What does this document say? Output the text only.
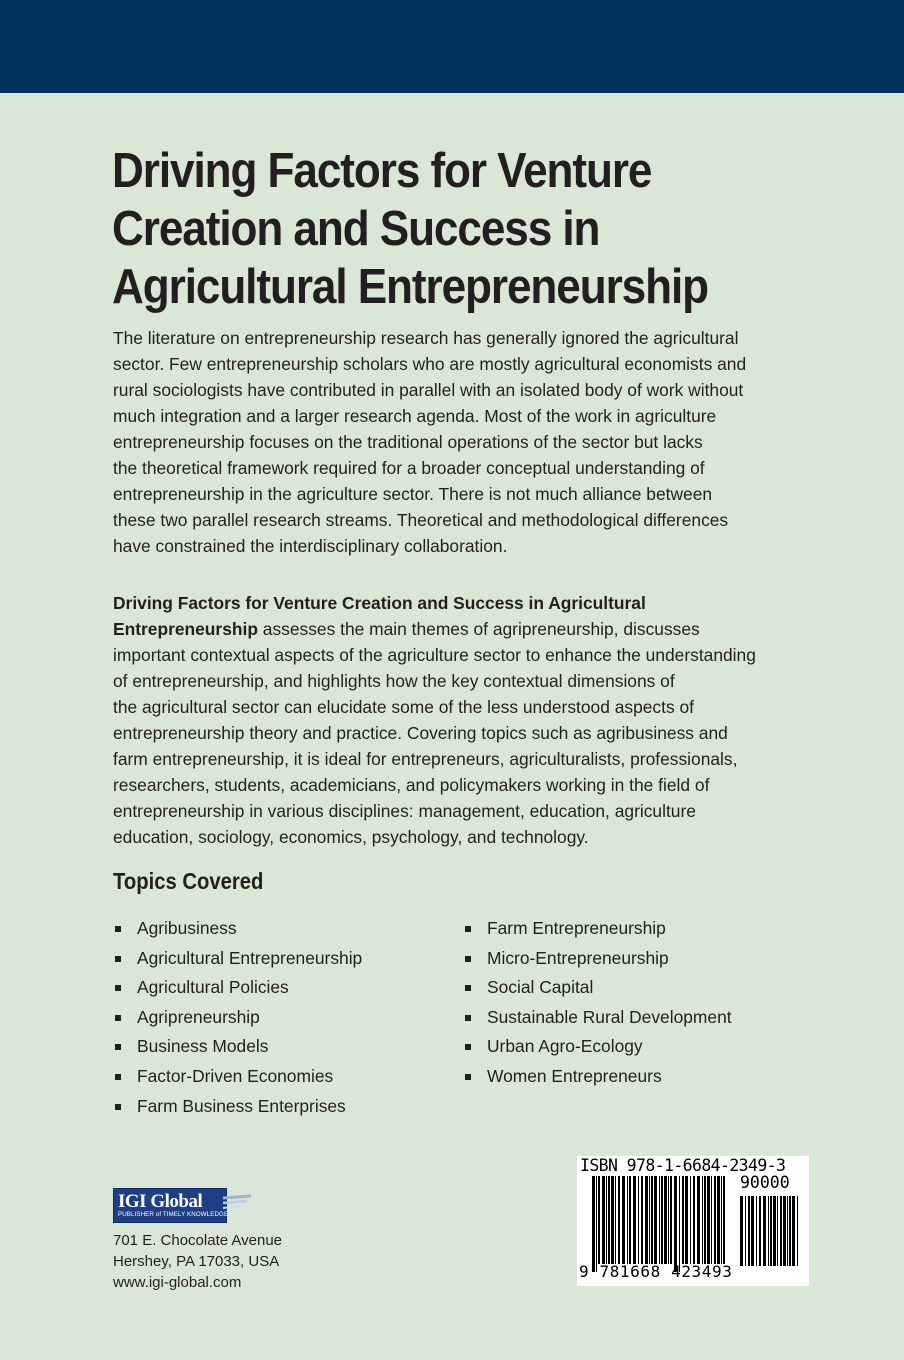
Driving Factors for Venture
Creation and Success in
Agricultural Entrepreneurship

The literature on entrepreneurship research has generally ignored the agricultural
sector. Few entrepreneurship scholars who are mostly agricultural economists and
rural sociologists have contributed in parallel with an isolated body of work without
much integration and a larger research agenda. Most of the work in agriculture
entrepreneurship focuses on the traditional operations of the sector but lacks
the theoretical framework required for a broader conceptual understanding of
entrepreneurship in the agriculture sector. There is not much alliance between
these two parallel research streams. Theoretical and methodological differences
have constrained the interdisciplinary collaboration.

Driving Factors for Venture Creation and Success in Agricultural
Entrepreneurship assesses the main themes of agripreneurship, discusses
important contextual aspects of the agriculture sector to enhance the understanding
of entrepreneurship, and highlights how the key contextual dimensions of
the agricultural sector can elucidate some of the less understood aspects of
entrepreneurship theory and practice. Covering topics such as agribusiness and
farm entrepreneurship, it is ideal for entrepreneurs, agriculturalists, professionals,
researchers, students, academicians, and policymakers working in the field of
entrepreneurship in various disciplines: management, education, agriculture
education, sociology, economics, psychology, and technology.

Topics Covered
Agribusiness
Agricultural Entrepreneurship
Agricultural Policies
Agripreneurship
Business Models
Factor-Driven Economies
Farm Business Enterprises
Farm Entrepreneurship
Micro-Entrepreneurship
Social Capital
Sustainable Rural Development
Urban Agro-Ecology
Women Entrepreneurs
IGI Global
PUBLISHER of TIMELY KNOWLEDGE

701 E. Chocolate Avenue
Hershey, PA 17033, USA
www.igi-global.com

ISBN 978-1-6684-2349-3
90000
9 781668 423493
